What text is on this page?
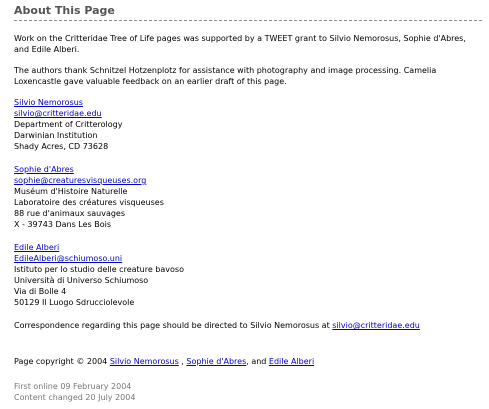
About This Page

Work on the Critteridae Tree of Life pages was supported by a TWEET grant to Silvio Nemorosus, Sophie d'Abres, and Edile Alberi.

The authors thank Schnitzel Hotzenplotz for assistance with photography and image processing. Camelia Loxencastle gave valuable feedback on an earlier draft of this page.

Silvio Nemorosus
silvio@critteridae.edu
Department of Critterology
Darwinian Institution
Shady Acres, CD 73628
Sophie d'Abres
sophie@creaturesvisqueuses.org
Muséum d'Histoire Naturelle
Laboratoire des créatures visqueuses
88 rue d'animaux sauvages
X - 39743 Dans Les Bois
Edile Alberi
EdileAlberi@schiumoso.uni
Istituto per lo studio delle creature bavoso
Università di Universo Schiumoso
Via di Bolle 4
50129 Il Luogo Sdrucciolevole
Correspondence regarding this page should be directed to Silvio Nemorosus at silvio@critteridae.edu
Page copyright © 2004 Silvio Nemorosus , Sophie d'Abres, and Edile Alberi
First online 09 February 2004
Content changed 20 July 2004
